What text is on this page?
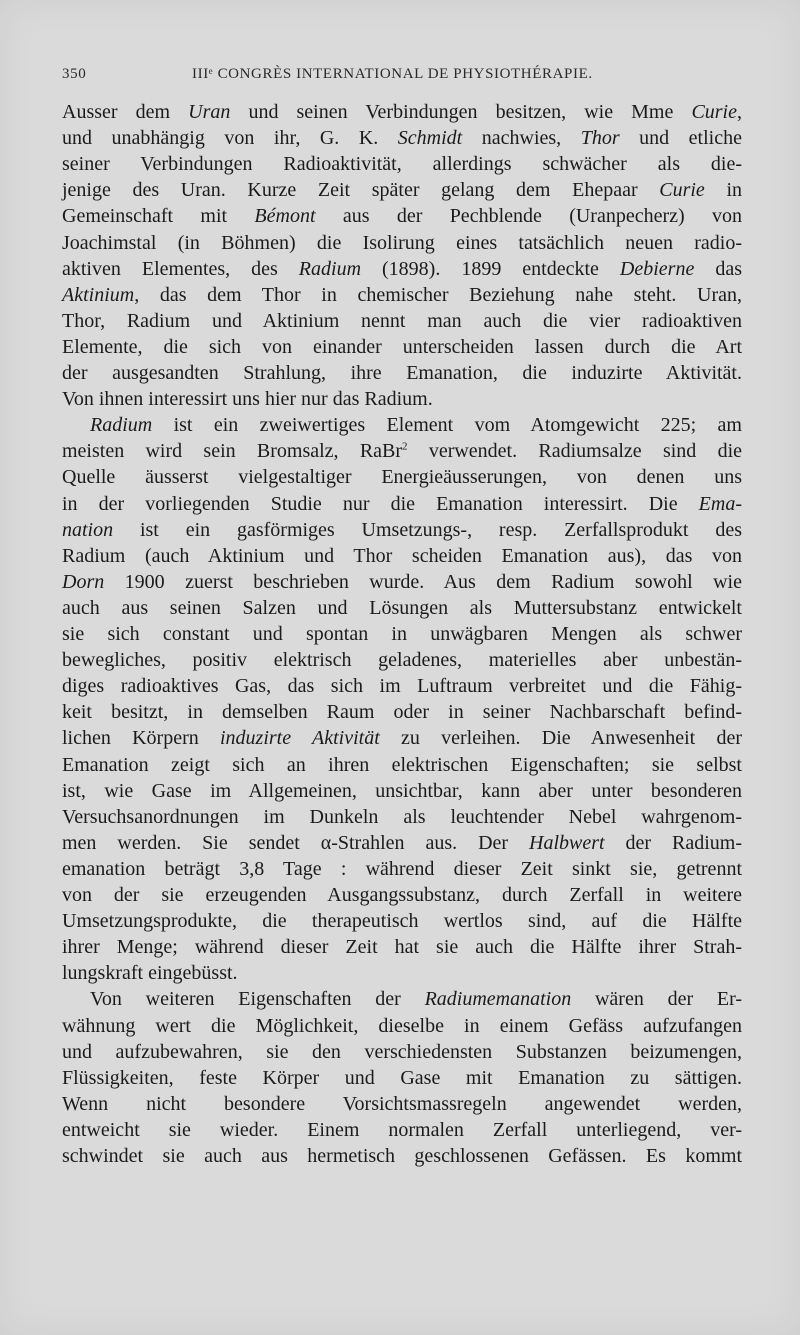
350	IIIᵉ CONGRÈS INTERNATIONAL DE PHYSIOTHÉRAPIE.
Ausser dem Uran und seinen Verbindungen besitzen, wie Mme Curie,
und unabhängig von ihr, G. K. Schmidt nachwies, Thor und etliche
seiner Verbindungen Radioaktivität, allerdings schwächer als die-
jenige des Uran. Kurze Zeit später gelang dem Ehepaar Curie in
Gemeinschaft mit Bémont aus der Pechblende (Uranpecherz) von
Joachimstal (in Böhmen) die Isolirung eines tatsächlich neuen radio-
aktiven Elementes, des Radium (1898). 1899 entdeckte Debierne das
Aktinium, das dem Thor in chemischer Beziehung nahe steht. Uran,
Thor, Radium und Aktinium nennt man auch die vier radioaktiven
Elemente, die sich von einander unterscheiden lassen durch die Art
der ausgesandten Strahlung, ihre Emanation, die induzirte Aktivität.
Von ihnen interessirt uns hier nur das Radium.
Radium ist ein zweiwertiges Element vom Atomgewicht 225; am
meisten wird sein Bromsalz, RaBr$^2$ verwendet. Radiumsalze sind die
Quelle äusserst vielgestaltiger Energieäusserungen, von denen uns
in der vorliegenden Studie nur die Emanation interessirt. Die Ema-
nation ist ein gasförmiges Umsetzungs-, resp. Zerfallsprodukt des
Radium (auch Aktinium und Thor scheiden Emanation aus), das von
Dorn 1900 zuerst beschrieben wurde. Aus dem Radium sowohl wie
auch aus seinen Salzen und Lösungen als Muttersubstanz entwickelt
sie sich constant und spontan in unwägbaren Mengen als schwer
bewegliches, positiv elektrisch geladenes, materielles aber unbestän-
diges radioaktives Gas, das sich im Luftraum verbreitet und die Fähig-
keit besitzt, in demselben Raum oder in seiner Nachbarschaft befind-
lichen Körpern induzirte Aktivität zu verleihen. Die Anwesenheit der
Emanation zeigt sich an ihren elektrischen Eigenschaften; sie selbst
ist, wie Gase im Allgemeinen, unsichtbar, kann aber unter besonderen
Versuchsanordnungen im Dunkeln als leuchtender Nebel wahrgenom-
men werden. Sie sendet α-Strahlen aus. Der Halbwert der Radium-
emanation beträgt 3,8 Tage : während dieser Zeit sinkt sie, getrennt
von der sie erzeugenden Ausgangssubstanz, durch Zerfall in weitere
Umsetzungsprodukte, die therapeutisch wertlos sind, auf die Hälfte
ihrer Menge; während dieser Zeit hat sie auch die Hälfte ihrer Strah-
lungskraft eingebüsst.
Von weiteren Eigenschaften der Radiumemanation wären der Er-
wähnung wert die Möglichkeit, dieselbe in einem Gefäss aufzufangen
und aufzubewahren, sie den verschiedensten Substanzen beizumengen,
Flüssigkeiten, feste Körper und Gase mit Emanation zu sättigen.
Wenn nicht besondere Vorsichtsmassregeln angewendet werden,
entweicht sie wieder. Einem normalen Zerfall unterliegend, ver-
schwindet sie auch aus hermetisch geschlossenen Gefässen. Es kommt
